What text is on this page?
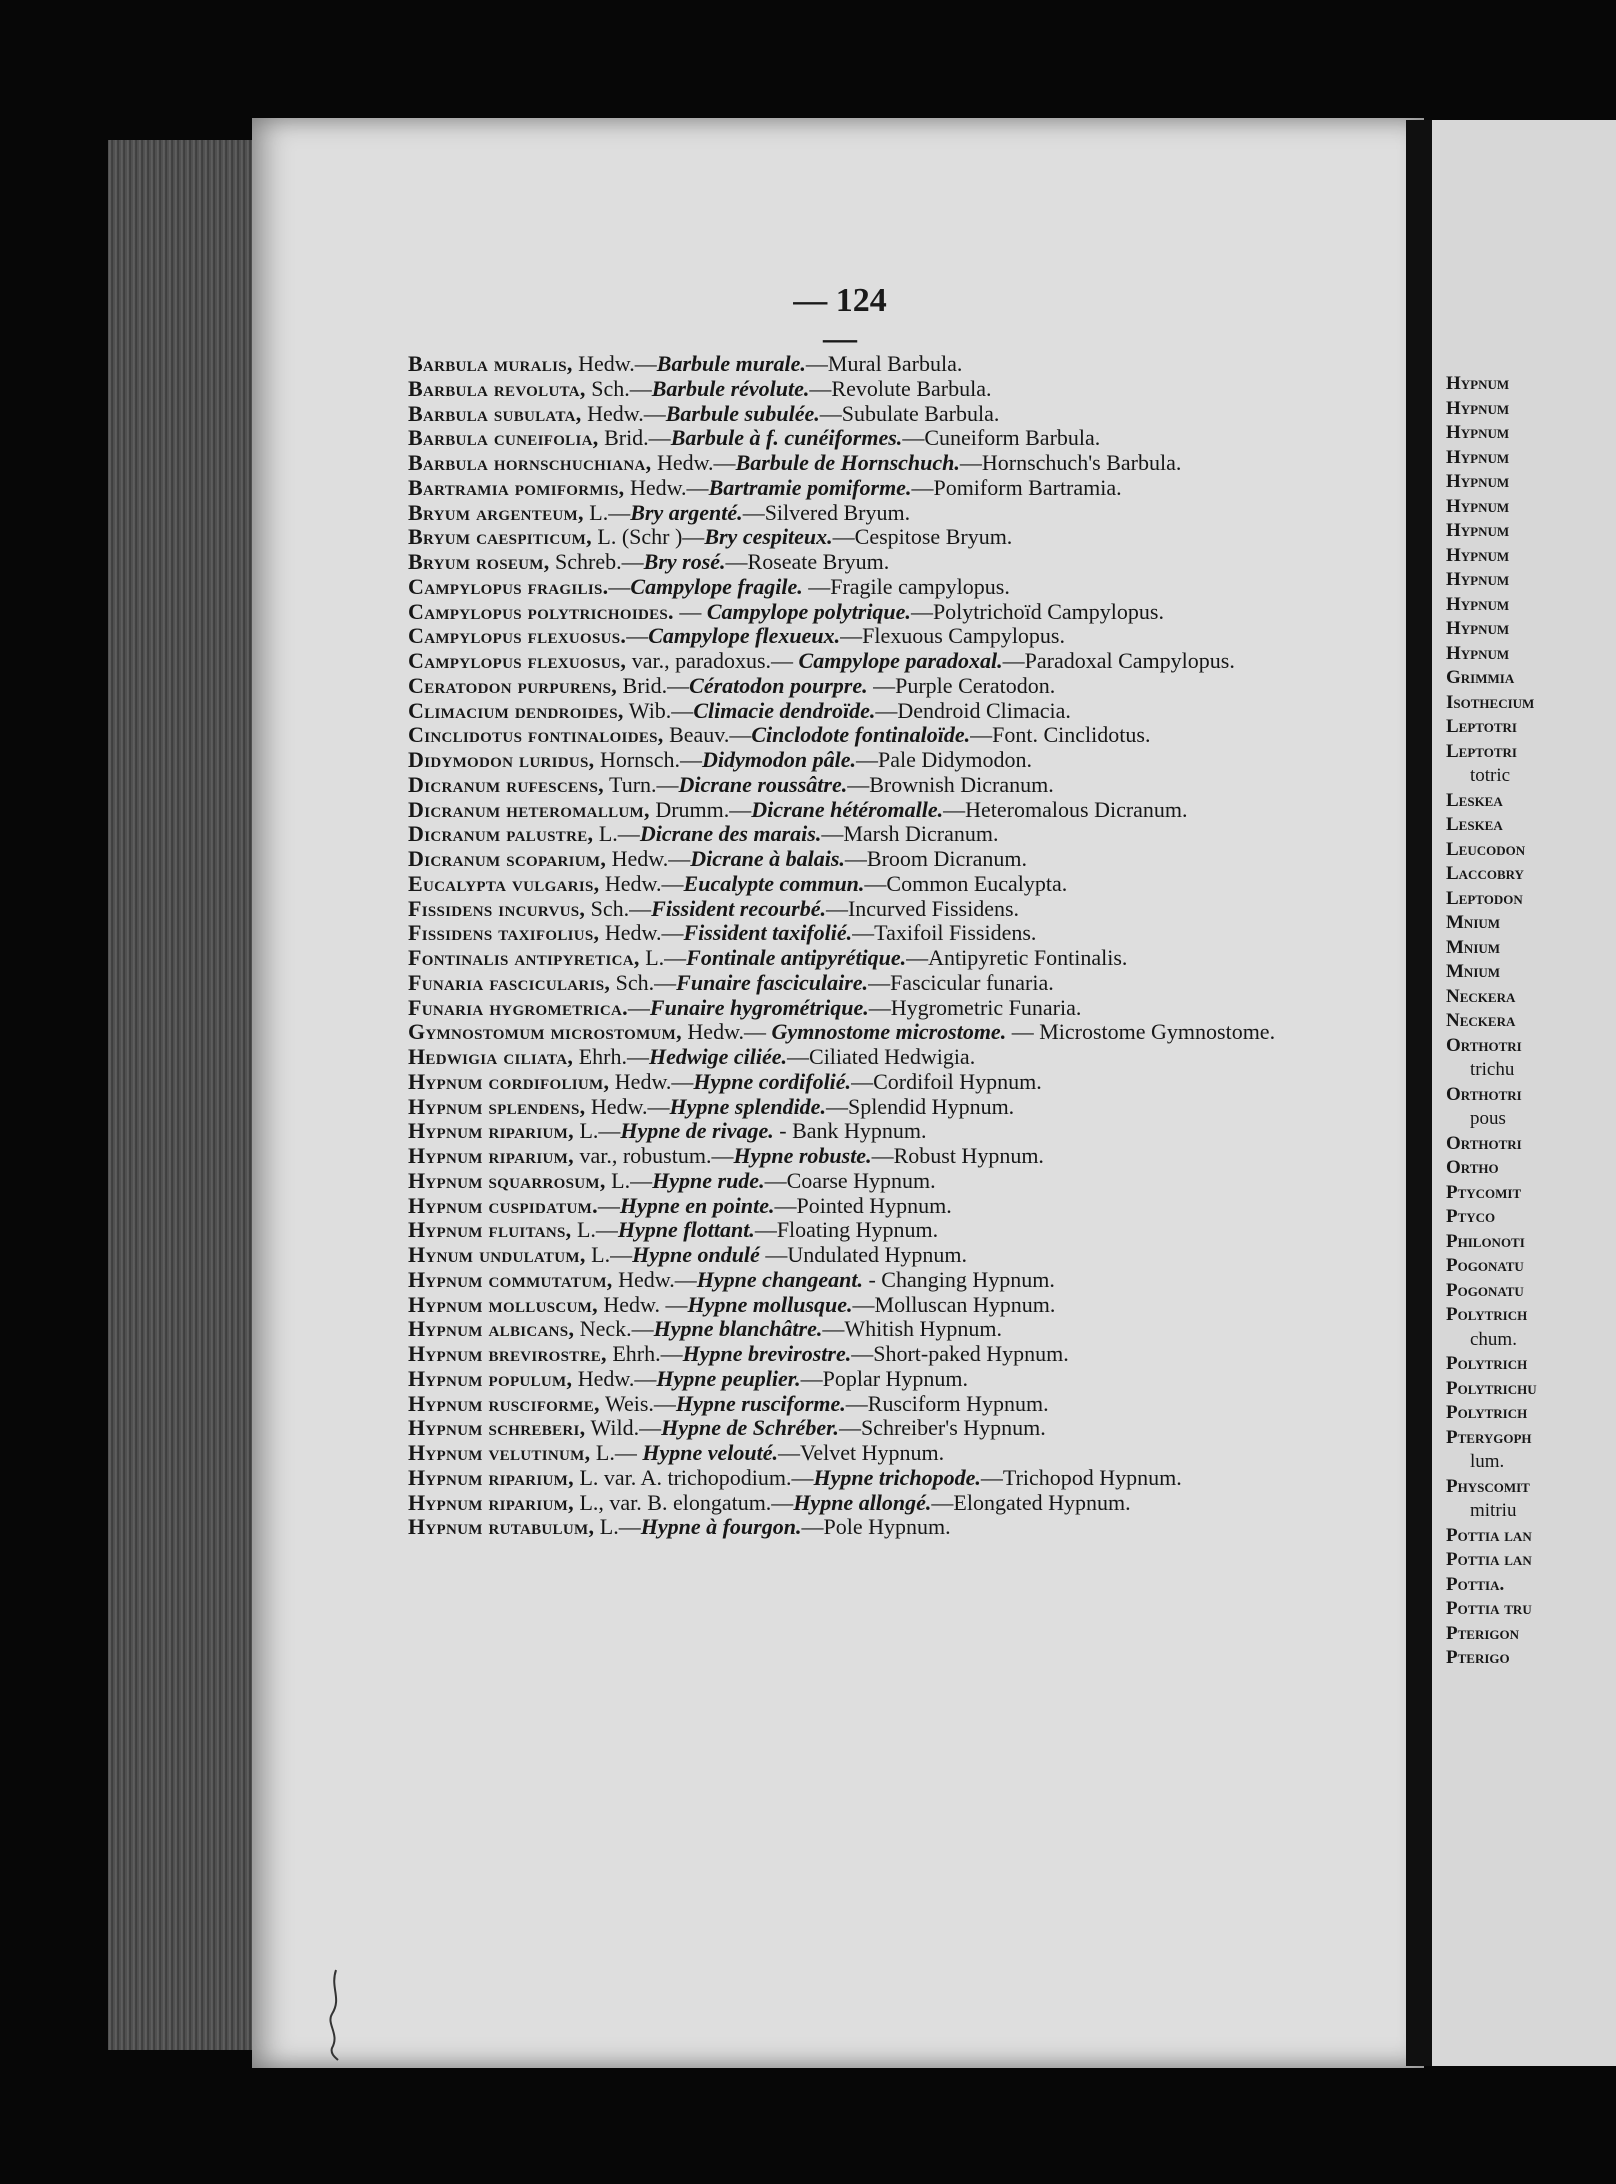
Hypnum
Hypnum
Hypnum
Hypnum
Hypnum
Hypnum
Hypnum
Hypnum
Hypnum
Hypnum
Hypnum
Hypnum
Grimmia
Isothecium
Leptotri
Leptotri
totric
Leskea
Leskea
Leucodon
Laccobry
Leptodon
Mnium
Mnium
Mnium
Neckera
Neckera
Orthotri
trichu
Orthotri
pous
Orthotri
Ortho
Ptycomit
Ptyco
Philonoti
Pogonatu
Pogonatu
Polytrich
chum.
Polytrich
Polytrichu
Polytrich
Pterygoph
lum.
Physcomit
mitriu
Pottia lan
Pottia lan
Pottia.
Pottia tru
Pterigon
Pterigo
— 124 —

Barbula muralis, Hedw.—Barbule murale.—Mural Barbula.

Barbula revoluta, Sch.—Barbule révolute.—Revolute Barbula.

Barbula subulata, Hedw.—Barbule subulée.—Subulate Barbula.

Barbula cuneifolia, Brid.—Barbule à f. cunéiformes.—Cuneiform Barbula.

Barbula hornschuchiana, Hedw.—Barbule de Hornschuch.—Hornschuch's Barbula.

Bartramia pomiformis, Hedw.—Bartramie pomiforme.—Pomiform Bartramia.

Bryum argenteum, L.—Bry argenté.—Silvered Bryum.

Bryum caespiticum, L. (Schr )—Bry cespiteux.—Cespitose Bryum.

Bryum roseum, Schreb.—Bry rosé.—Roseate Bryum.

Campylopus fragilis.—Campylope fragile. —Fragile campylopus.

Campylopus polytrichoides. — Campylope polytrique.—Polytrichoïd Campylopus.

Campylopus flexuosus.—Campylope flexueux.—Flexuous Campylopus.

Campylopus flexuosus, var., paradoxus.— Campylope paradoxal.—Paradoxal Campylopus.

Ceratodon purpurens, Brid.—Cératodon pourpre. —Purple Ceratodon.

Climacium dendroides, Wib.—Climacie dendroïde.—Dendroid Climacia.

Cinclidotus fontinaloides, Beauv.—Cinclodote fontinaloïde.—Font. Cinclidotus.

Didymodon luridus, Hornsch.—Didymodon pâle.—Pale Didymodon.

Dicranum rufescens, Turn.—Dicrane roussâtre.—Brownish Dicranum.

Dicranum heteromallum, Drumm.—Dicrane hétéromalle.—Heteromalous Dicranum.

Dicranum palustre, L.—Dicrane des marais.—Marsh Dicranum.

Dicranum scoparium, Hedw.—Dicrane à balais.—Broom Dicranum.

Eucalypta vulgaris, Hedw.—Eucalypte commun.—Common Eucalypta.

Fissidens incurvus, Sch.—Fissident recourbé.—Incurved Fissidens.

Fissidens taxifolius, Hedw.—Fissident taxifolié.—Taxifoil Fissidens.

Fontinalis antipyretica, L.—Fontinale antipyrétique.—Antipyretic Fontinalis.

Funaria fascicularis, Sch.—Funaire fasciculaire.—Fascicular funaria.

Funaria hygrometrica.—Funaire hygrométrique.—Hygrometric Funaria.

Gymnostomum microstomum, Hedw.— Gymnostome microstome. — Microstome Gymnostome.

Hedwigia ciliata, Ehrh.—Hedwige ciliée.—Ciliated Hedwigia.

Hypnum cordifolium, Hedw.—Hypne cordifolié.—Cordifoil Hypnum.

Hypnum splendens, Hedw.—Hypne splendide.—Splendid Hypnum.

Hypnum riparium, L.—Hypne de rivage. - Bank Hypnum.

Hypnum riparium, var., robustum.—Hypne robuste.—Robust Hypnum.

Hypnum squarrosum, L.—Hypne rude.—Coarse Hypnum.

Hypnum cuspidatum.—Hypne en pointe.—Pointed Hypnum.

Hypnum fluitans, L.—Hypne flottant.—Floating Hypnum.

Hynum undulatum, L.—Hypne ondulé —Undulated Hypnum.

Hypnum commutatum, Hedw.—Hypne changeant. - Changing Hypnum.

Hypnum molluscum, Hedw. —Hypne mollusque.—Molluscan Hypnum.

Hypnum albicans, Neck.—Hypne blanchâtre.—Whitish Hypnum.

Hypnum brevirostre, Ehrh.—Hypne brevirostre.—Short-paked Hypnum.

Hypnum populum, Hedw.—Hypne peuplier.—Poplar Hypnum.

Hypnum rusciforme, Weis.—Hypne rusciforme.—Rusciform Hypnum.

Hypnum schreberi, Wild.—Hypne de Schréber.—Schreiber's Hypnum.

Hypnum velutinum, L.— Hypne velouté.—Velvet Hypnum.

Hypnum riparium, L. var. A. trichopodium.—Hypne trichopode.—Trichopod Hypnum.

Hypnum riparium, L., var. B. elongatum.—Hypne allongé.—Elongated Hypnum.

Hypnum rutabulum, L.—Hypne à fourgon.—Pole Hypnum.
